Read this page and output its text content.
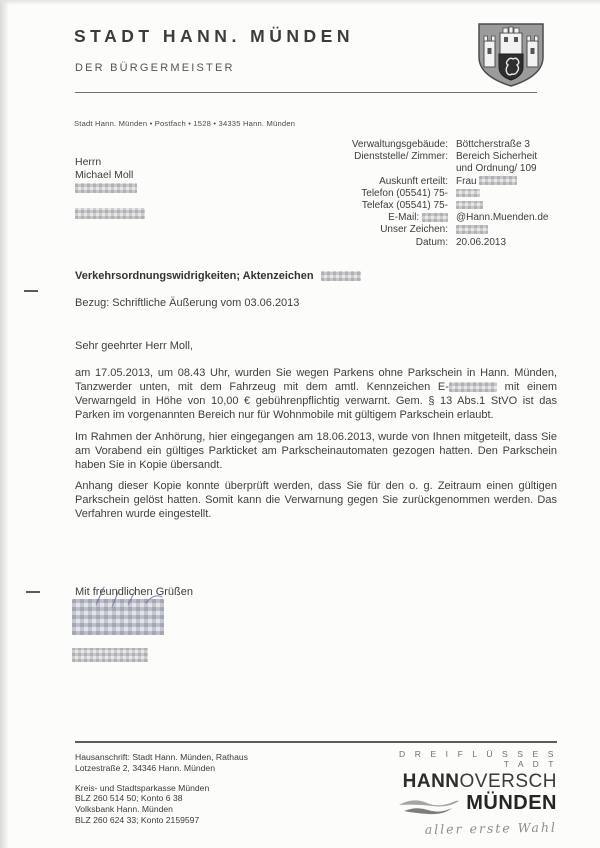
STADT HANN. MÜNDEN
DER BÜRGERMEISTER
Stadt Hann. Münden • Postfach • 1528 • 34335 Hann. Münden
Herrn
Michael Moll
Verwaltungsgebäude: Böttcherstraße 3
Dienststelle/ Zimmer: Bereich Sicherheit
und Ordnung/ 109
Auskunft erteilt: Frau
Telefon (05541) 75-
Telefax (05541) 75-
E-Mail:	@Hann.Muenden.de
Unser Zeichen:
Datum: 20.06.2013
Verkehrsordnungswidrigkeiten; Aktenzeichen
Bezug: Schriftliche Äußerung vom 03.06.2013
Sehr geehrter Herr Moll,
am 17.05.2013, um 08.43 Uhr, wurden Sie wegen Parkens ohne Parkschein in Hann. Münden, Tanzwerder unten, mit dem Fahrzeug mit dem amtl. Kennzeichen E-	mit einem Verwarngeld in Höhe von 10,00 € gebührenpflichtig verwarnt. Gem. § 13 Abs.1 StVO ist das Parken im vorgenannten Bereich nur für Wohnmobile mit gültigem Parkschein erlaubt.
Im Rahmen der Anhörung, hier eingegangen am 18.06.2013, wurde von Ihnen mitgeteilt, dass Sie am Vorabend ein gültiges Parkticket am Parkscheinautomaten gezogen hatten. Den Parkschein haben Sie in Kopie übersandt.
Anhang dieser Kopie konnte überprüft werden, dass Sie für den o. g. Zeitraum einen gültigen Parkschein gelöst hatten. Somit kann die Verwarnung gegen Sie zurückgenommen werden. Das Verfahren wurde eingestellt.
Mit freundlichen Grüßen
Hausanschrift: Stadt Hann. Münden, Rathaus
Lotzestraße 2, 34346 Hann. Münden
Kreis- und Stadtsparkasse Münden
BLZ 260 514 50; Konto 6 38
Volksbank Hann. Münden
BLZ 260 624 33; Konto 2159597
D R E I F L Ü S S E S T A D T
HANNOVERSCH
MÜNDEN
aller erste Wahl
